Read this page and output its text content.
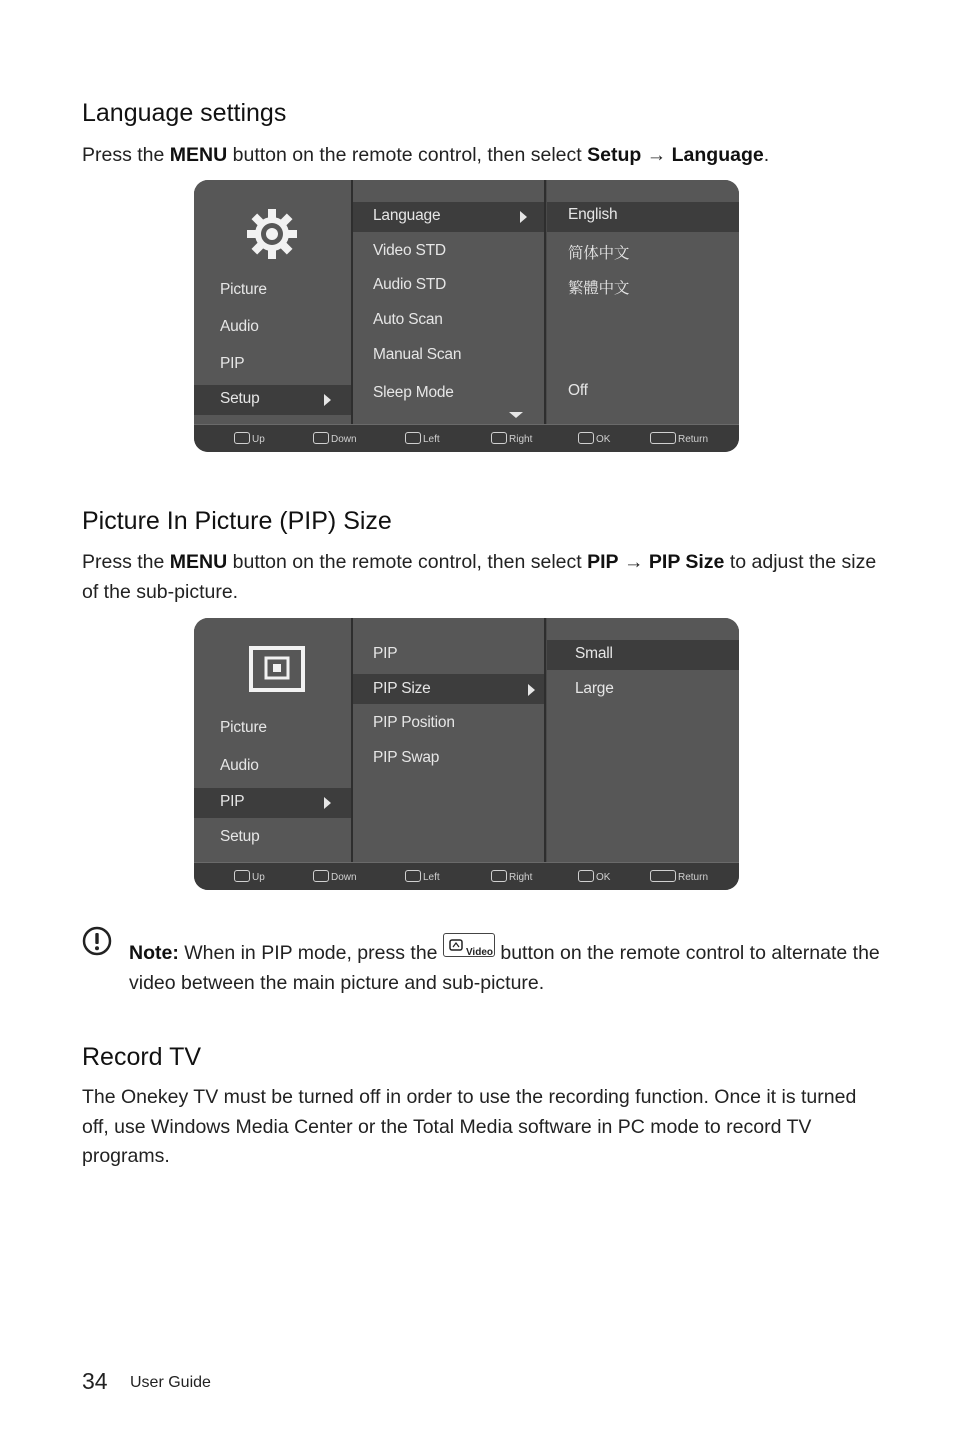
Language settings

Press the MENU button on the remote control, then select Setup → Language.

Picture
Audio
PIP
Setup
Language
Video STD
Audio STD
Auto Scan
Manual Scan
Sleep Mode
English
简体中文
繁體中文
Off
Up	Down	Left	Right	OK	Return
Picture In Picture (PIP) Size

Press the MENU button on the remote control, then select PIP → PIP Size to adjust the size of the sub-picture.

Picture
Audio
PIP
Setup
PIP
PIP Size
PIP Position
PIP Swap
Small
Large
Up	Down	Left	Right	OK	Return

Note: When in PIP mode, press the Video button on the remote control to alternate the video between the main picture and sub-picture.

Record TV

The Onekey TV must be turned off in order to use the recording function. Once it is turned off, use Windows Media Center or the Total Media software in PC mode to record TV programs.

34 User Guide
